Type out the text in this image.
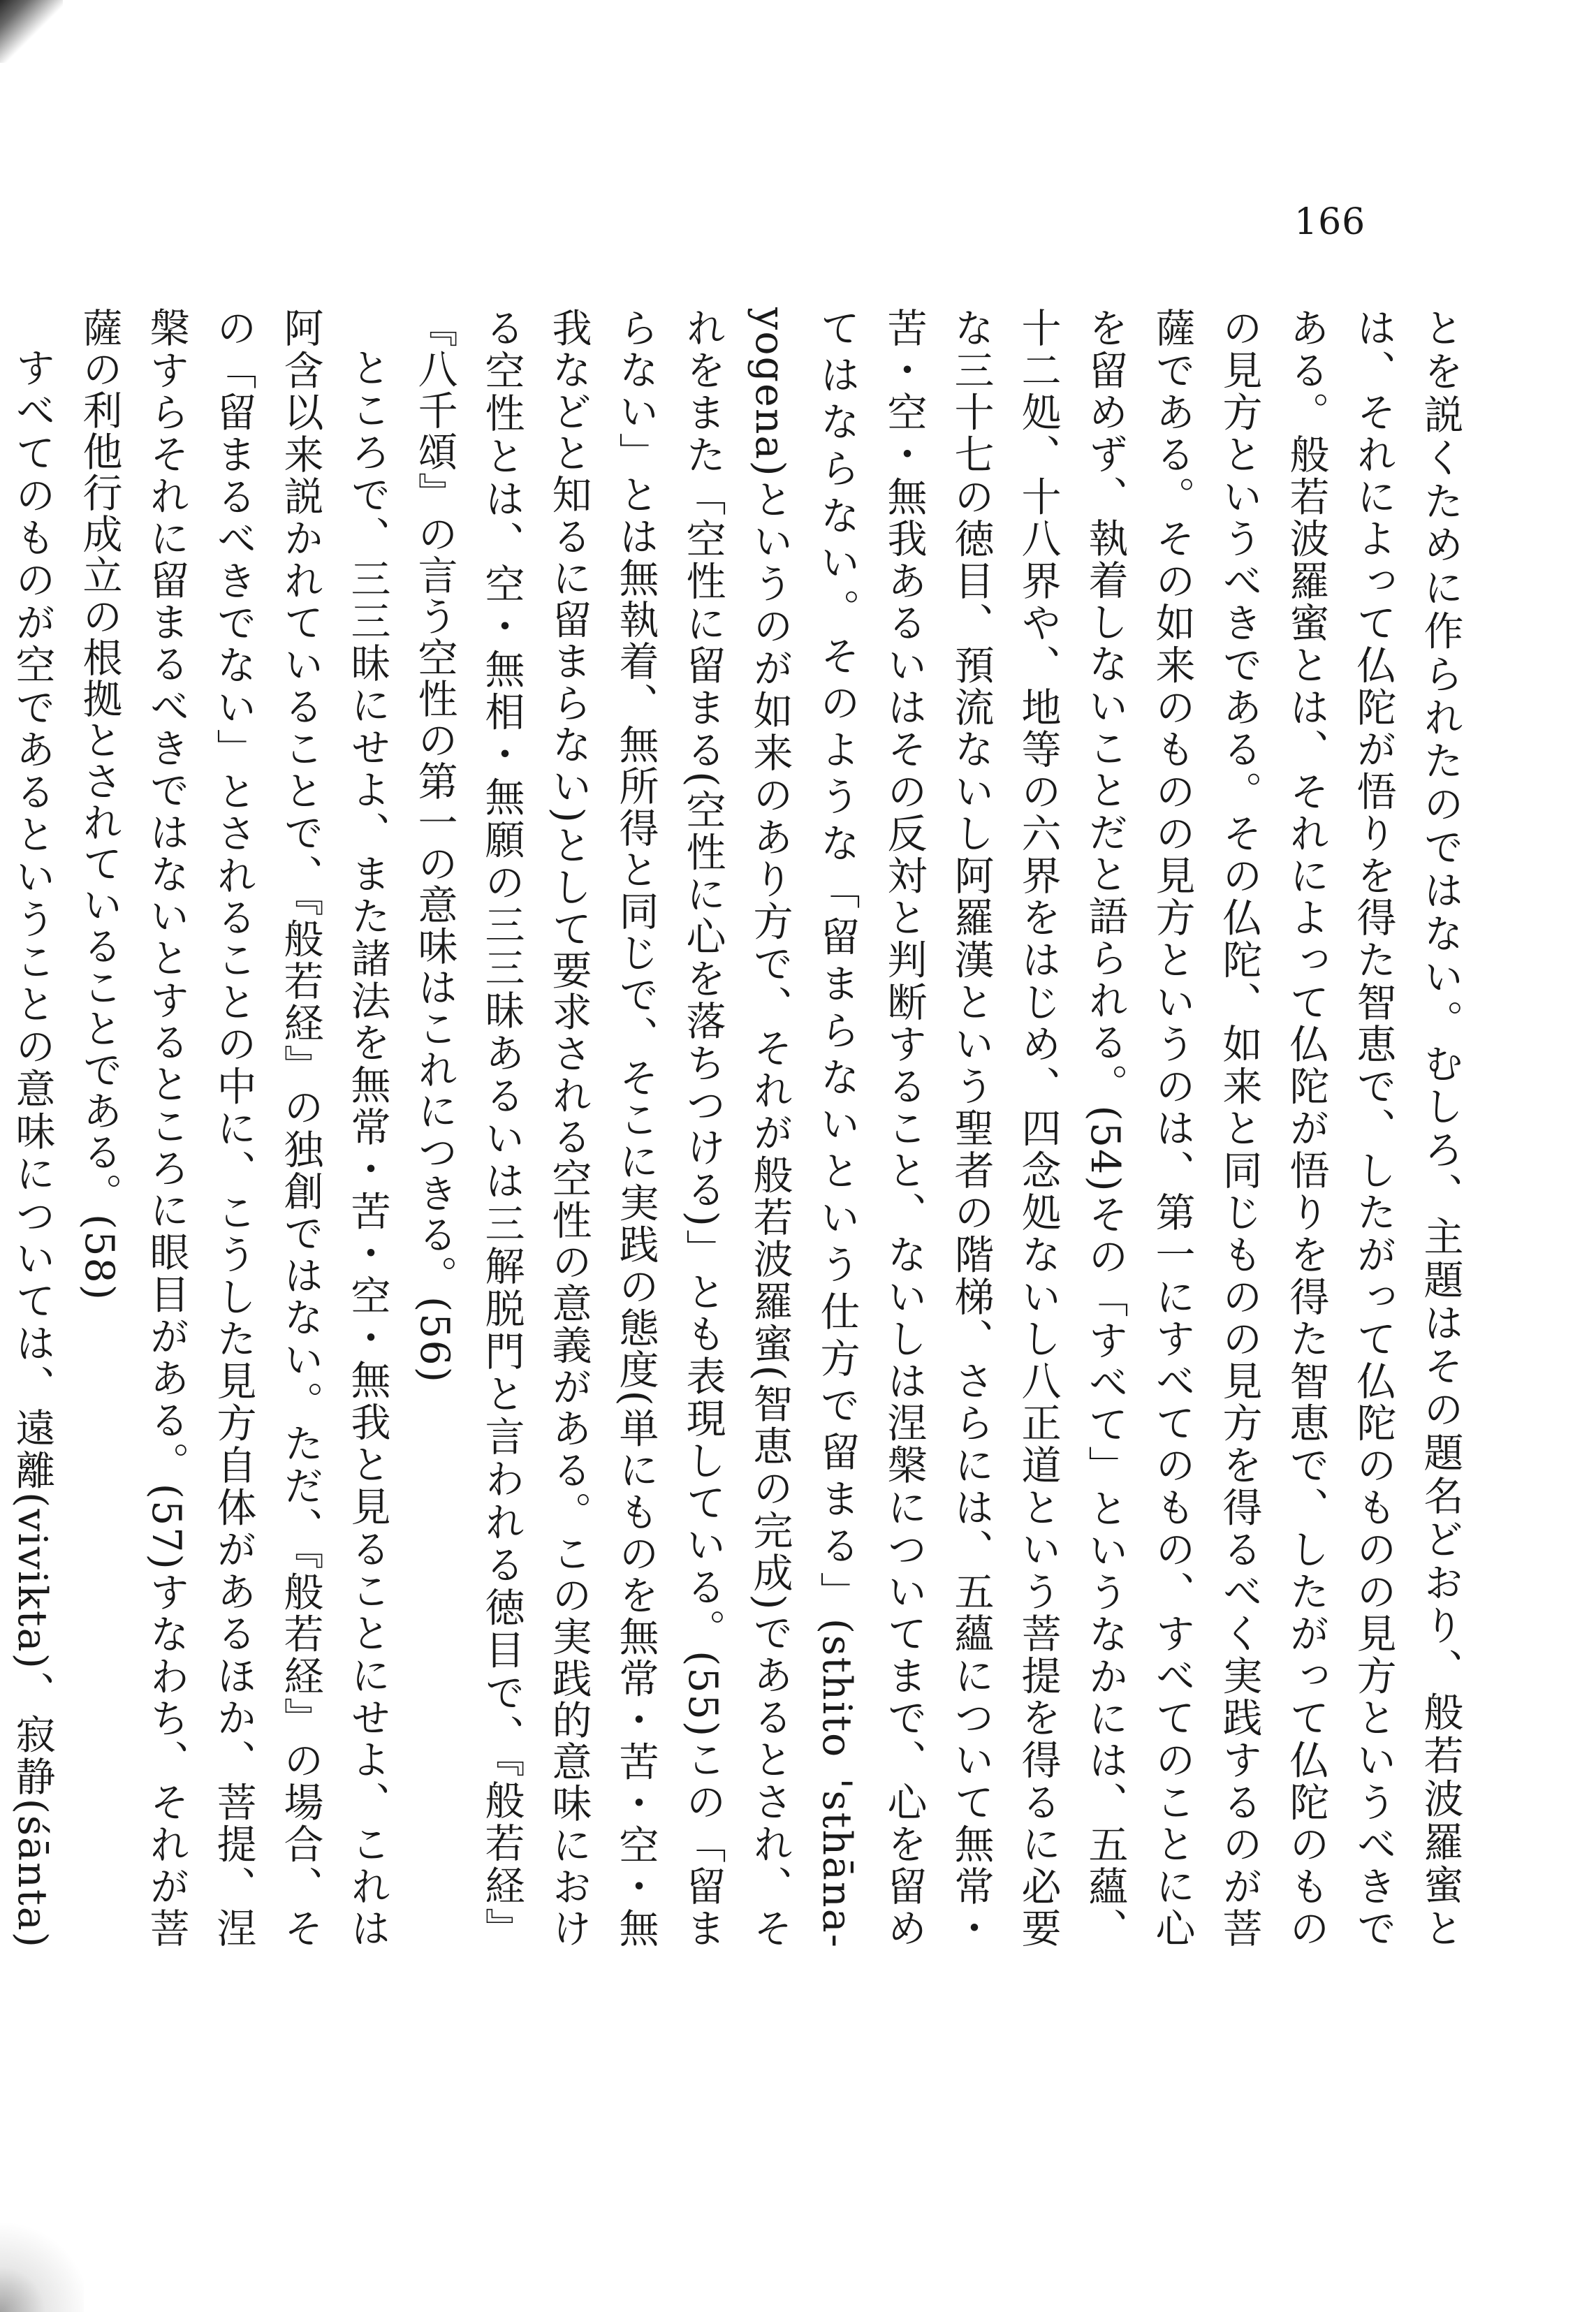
166

とを説くために作られたのではない。むしろ、主題はその題名どおり、般若波羅蜜とは、それによって仏陀が悟りを得た智恵で、したがって仏陀のものの見方というべきである。般若波羅蜜とは、それによって仏陀が悟りを得た智恵で、したがって仏陀のものの見方というべきである。その仏陀、如来と同じものの見方を得るべく実践するのが菩薩である。その如来のものの見方というのは、第一にすべてのもの、すべてのことに心を留めず、執着しないことだと語られる。(54)その「すべて」というなかには、五蘊、十二処、十八界や、地等の六界をはじめ、四念処ないし八正道という菩提を得るに必要な三十七の徳目、預流ないし阿羅漢という聖者の階梯、さらには、五蘊について無常・苦・空・無我あるいはその反対と判断すること、ないしは涅槃についてまで、心を留めてはならない。そのような「留まらないという仕方で留まる」(sthito 'sthāna-yogena)というのが如来のあり方で、それが般若波羅蜜(智恵の完成)であるとされ、それをまた「空性に留まる(空性に心を落ちつける)」とも表現している。(55)この「留まらない」とは無執着、無所得と同じで、そこに実践の態度(単にものを無常・苦・空・無我などと知るに留まらない)として要求される空性の意義がある。この実践的意味における空性とは、空・無相・無願の三三昧あるいは三解脱門と言われる徳目で、『般若経』『八千頌』の言う空性の第一の意味はこれにつきる。(56)

ところで、三三昧にせよ、また諸法を無常・苦・空・無我と見ることにせよ、これは阿含以来説かれていることで、『般若経』の独創ではない。ただ、『般若経』の場合、その「留まるべきでない」とされることの中に、こうした見方自体があるほか、菩提、涅槃すらそれに留まるべきではないとするところに眼目がある。(57)すなわち、それが菩薩の利他行成立の根拠とされていることである。(58)

すべてのものが空であるということの意味については、遠離(vivikta)、寂静(śānta)
